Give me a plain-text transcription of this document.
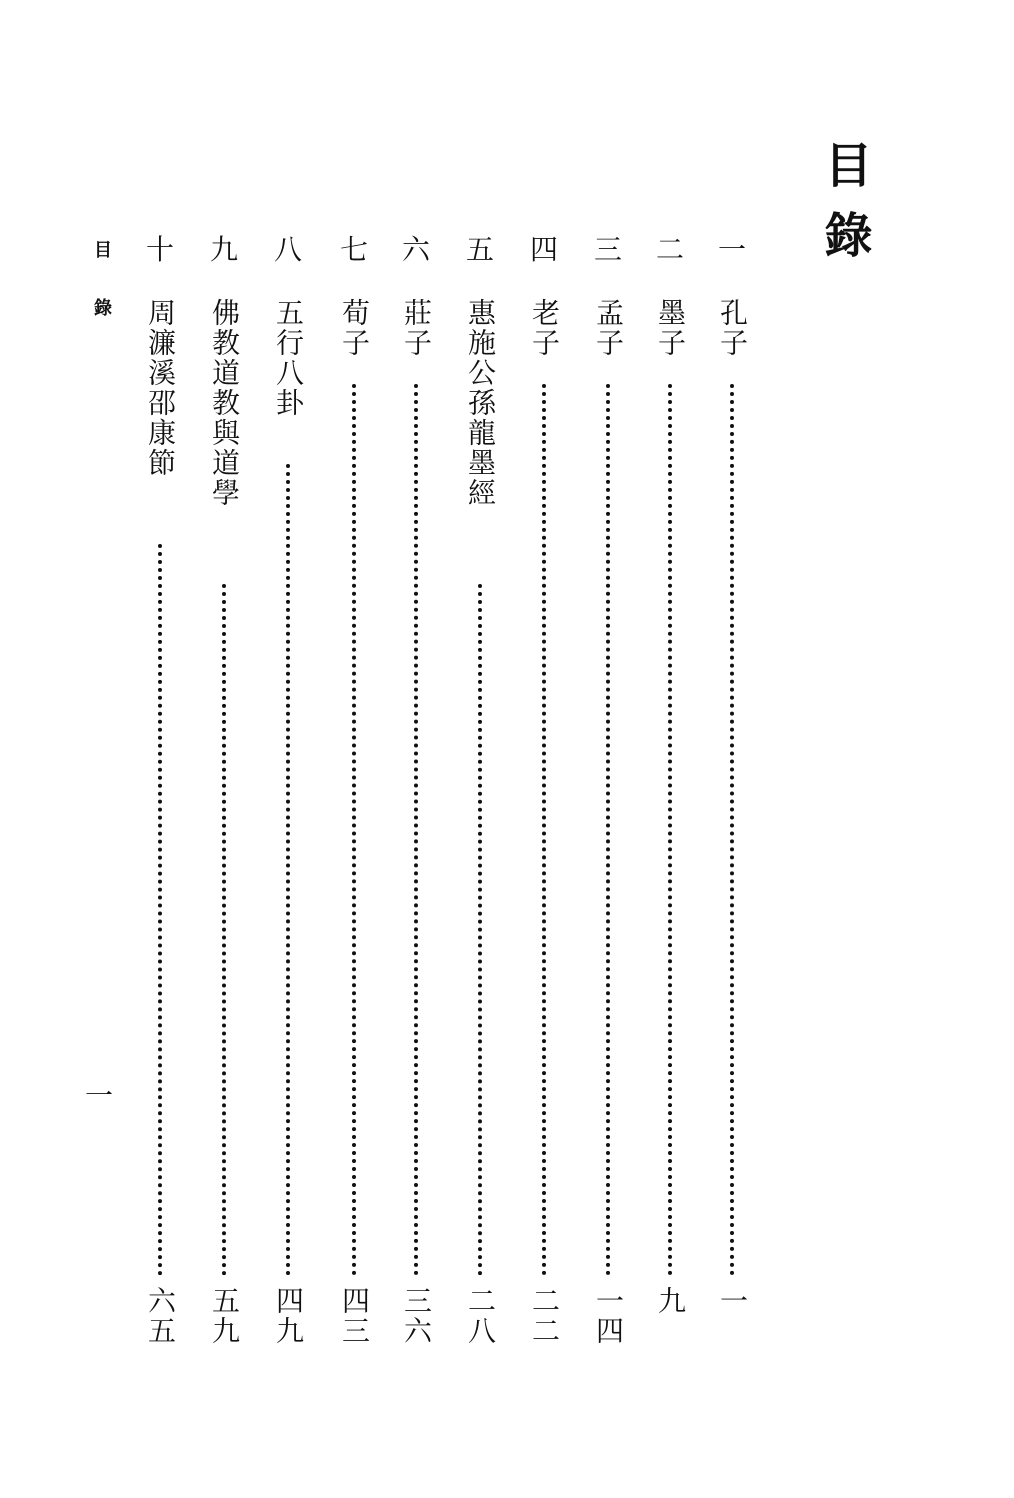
目錄
一
孔子
一
二
墨子
九
三
孟子
一四
四
老子
二二
五
惠施公孫龍墨經
二八
六
莊子
三六
七
荀子
四三
八
五行八卦
四九
九
佛教道教與道學
五九
十
周濂溪邵康節
六五
目錄
一
